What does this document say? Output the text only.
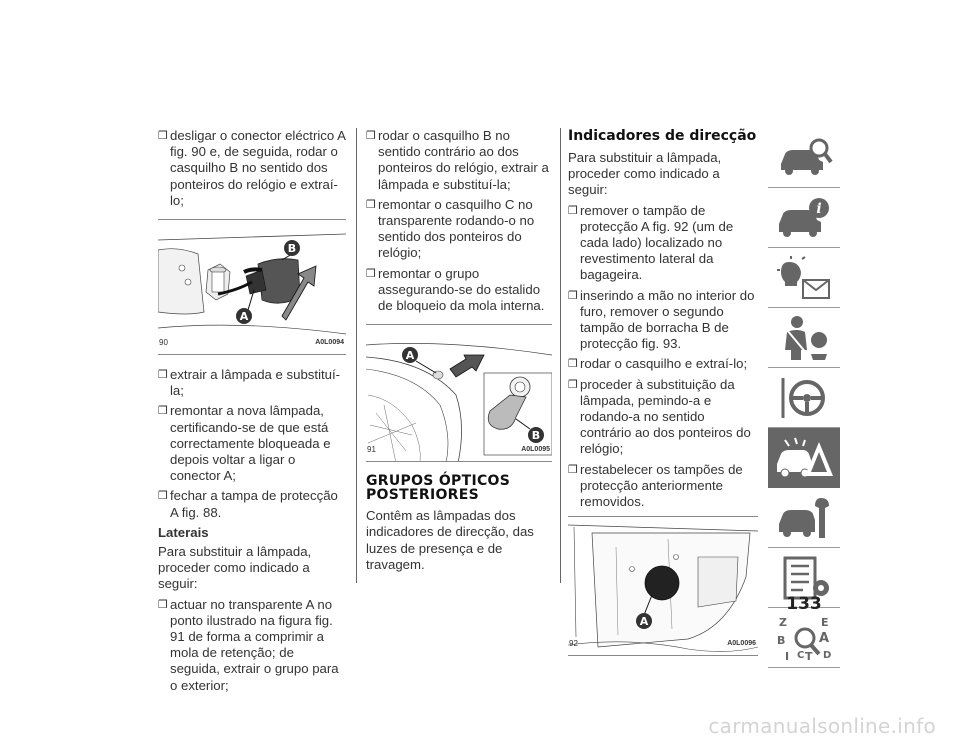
❒ desligar o conector eléctrico A fig. 90 e, de seguida, rodar o casquilho B no sentido dos ponteiros do relógio e extraí-lo;
B
A
90	A0L0094
❒ extrair a lâmpada e substituí-la;
❒ remontar a nova lâmpada, certificando-se de que está correctamente bloqueada e depois voltar a ligar o conector A;
❒ fechar a tampa de protecção A fig. 88.
Laterais
Para substituir a lâmpada, proceder como indicado a seguir:
❒ actuar no transparente A no ponto ilustrado na figura fig. 91 de forma a comprimir a mola de retenção; de seguida, extrair o grupo para o exterior;
❒ rodar o casquilho B no sentido contrário ao dos ponteiros do relógio, extrair a lâmpada e substituí-la;
❒ remontar o casquilho C no transparente rodando-o no sentido dos ponteiros do relógio;
❒ remontar o grupo assegurando-se do estalido de bloqueio da mola interna.
A
B
91	A0L0095
GRUPOS ÓPTICOS POSTERIORES
Contêm as lâmpadas dos indicadores de direcção, das luzes de presença e de travagem.
Indicadores de direcção
Para substituir a lâmpada, proceder como indicado a seguir:
❒ remover o tampão de protecção A fig. 92 (um de cada lado) localizado no revestimento lateral da bagageira.
❒ inserindo a mão no interior do furo, remover o segundo tampão de borracha B de protecção fig. 93.
❒ rodar o casquilho e extraí-lo;
❒ proceder à substituição da lâmpada, pemindo-a e rodando-a no sentido contrário ao dos ponteiros do relógio;
❒ restabelecer os tampões de protecção anteriormente removidos.
A
92	A0L0096
i
Z	E
A
B
I C T D
133
carmanualsonline.info
